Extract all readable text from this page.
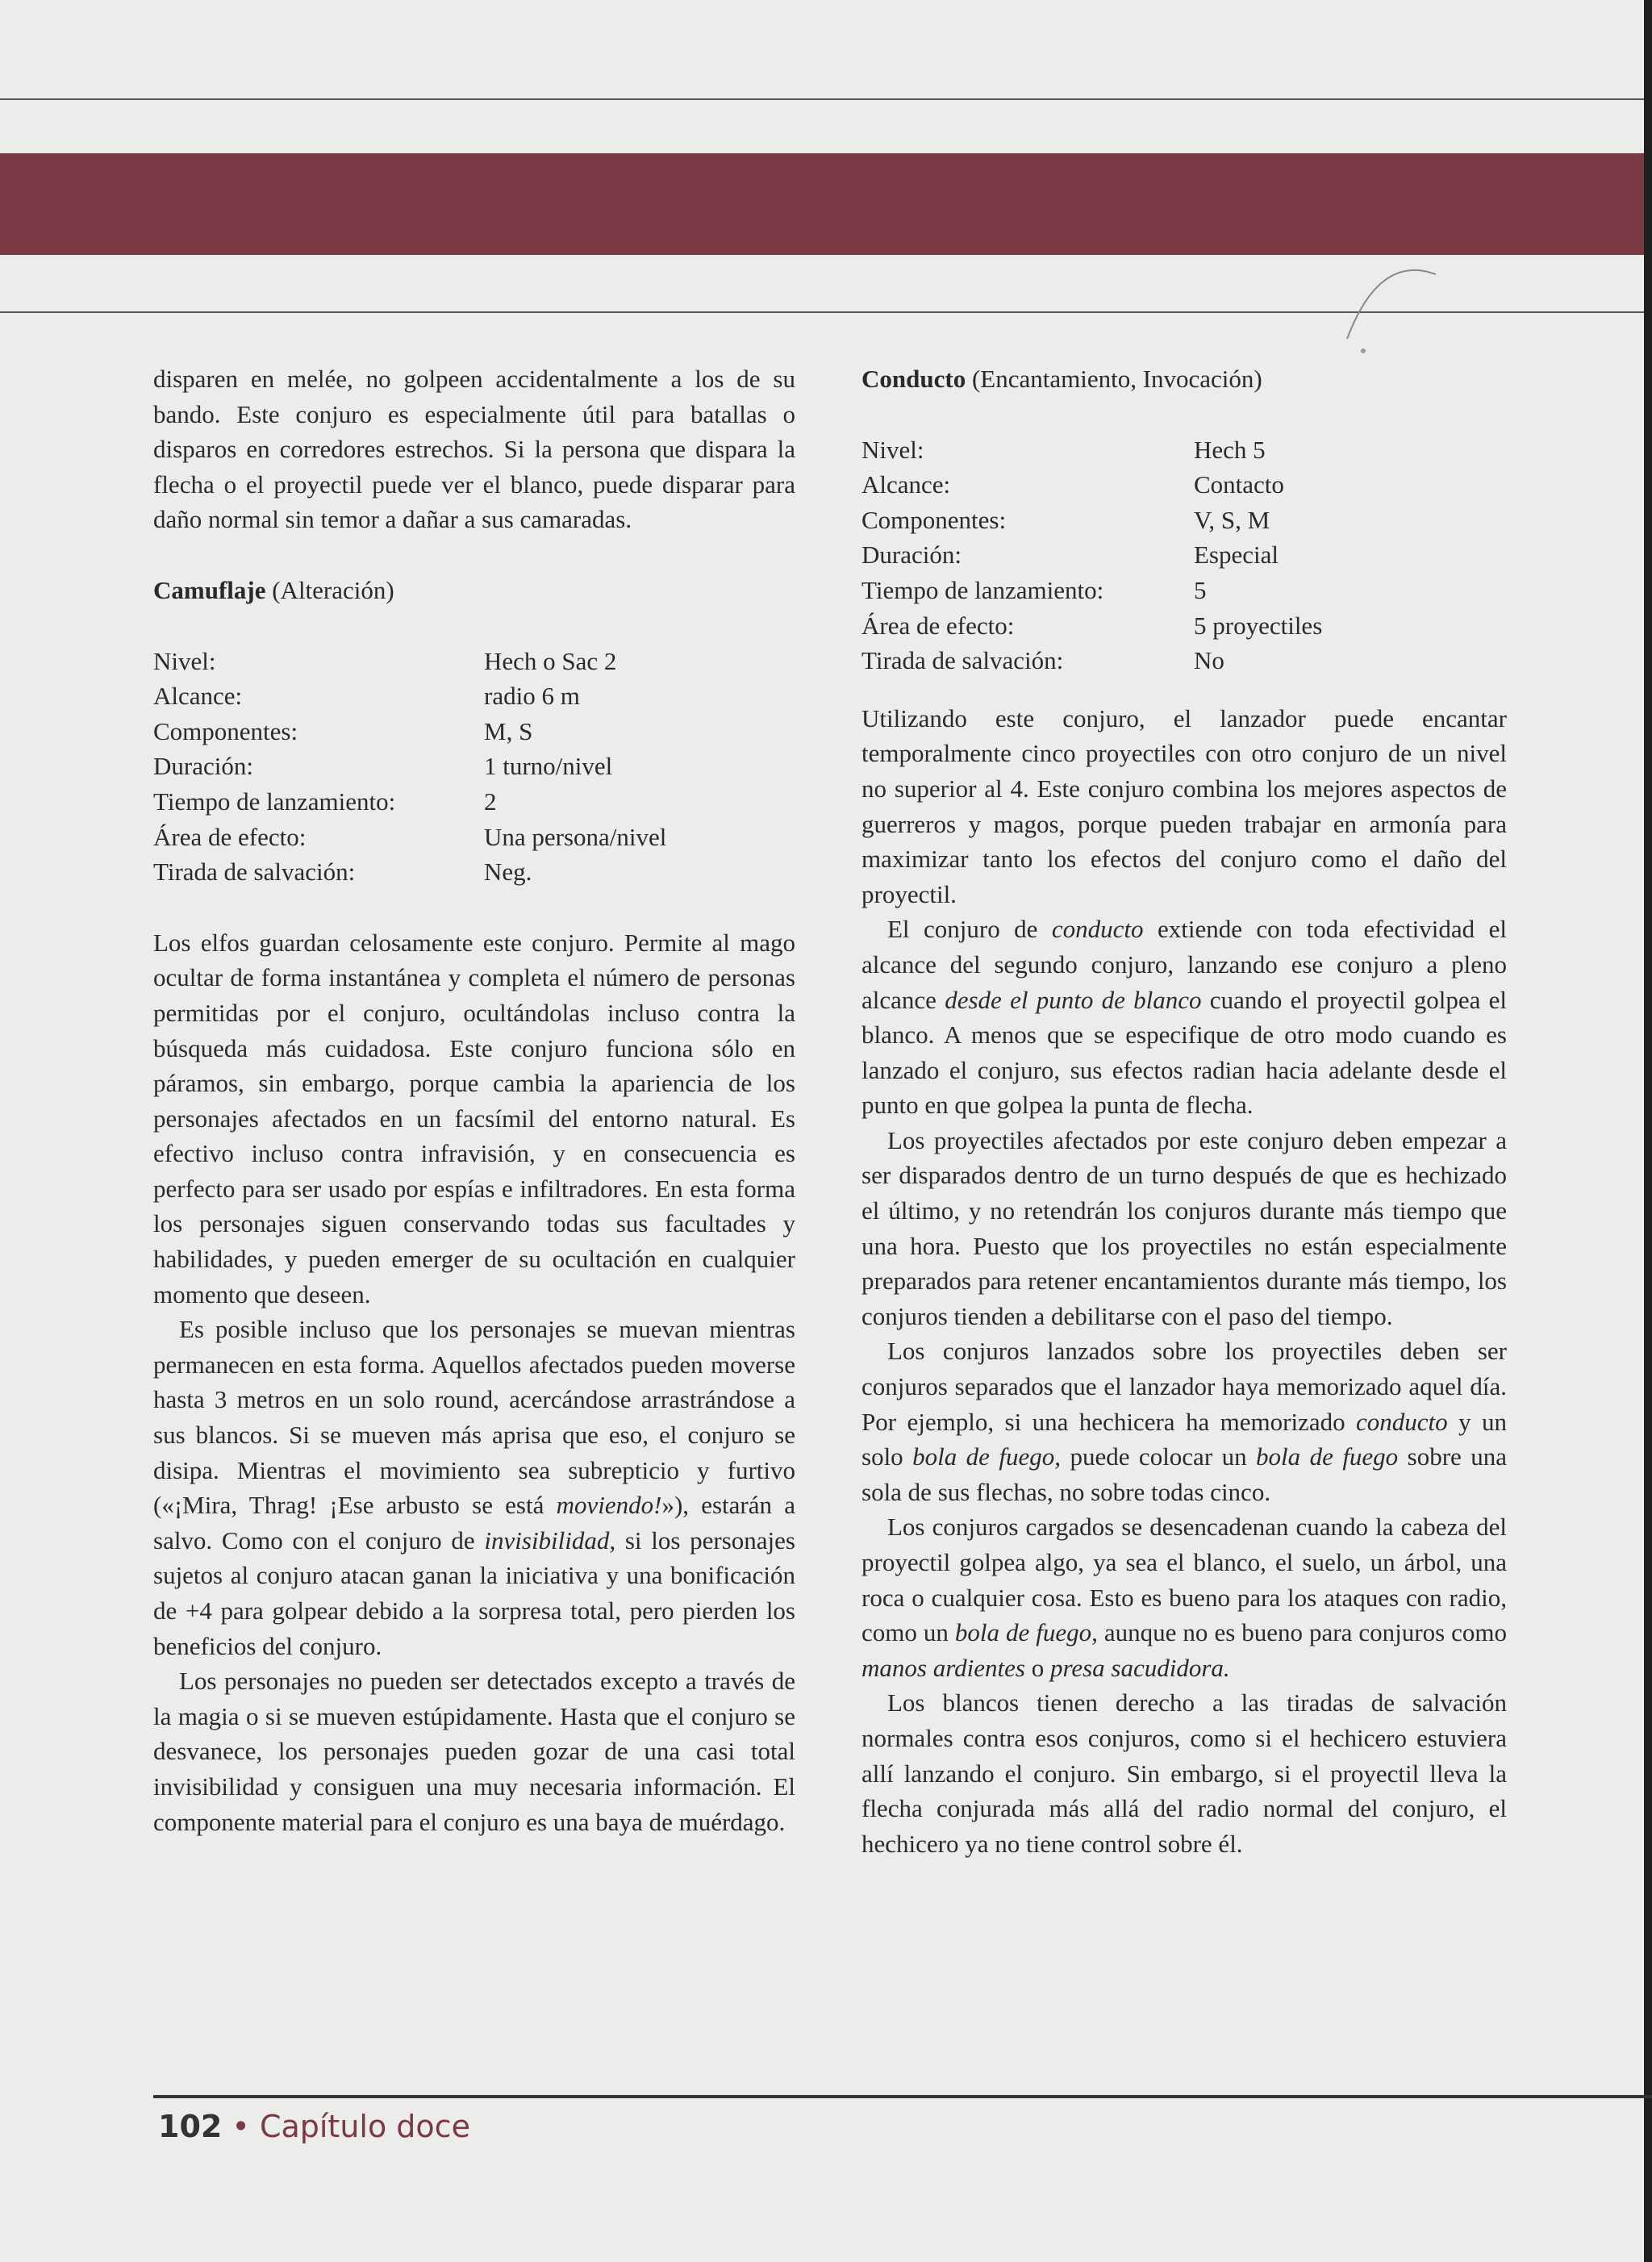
disparen en melée, no golpeen accidentalmente a los de su bando. Este conjuro es especialmente útil para batallas o disparos en corredores estrechos. Si la persona que dispara la flecha o el proyectil puede ver el blanco, puede disparar para daño normal sin temor a dañar a sus camaradas.

Camuflaje (Alteración)
Nivel:	Hech o Sac 2
Alcance:	radio 6 m
Componentes:	M, S
Duración:	1 turno/nivel
Tiempo de lanzamiento:	2
Área de efecto:	Una persona/nivel
Tirada de salvación:	Neg.

Los elfos guardan celosamente este conjuro. Permite al mago ocultar de forma instantánea y completa el número de personas permitidas por el conjuro, ocultándolas incluso contra la búsqueda más cuidadosa. Este conjuro funciona sólo en páramos, sin embargo, porque cambia la apariencia de los personajes afectados en un facsímil del entorno natural. Es efectivo incluso contra infravisión, y en consecuencia es perfecto para ser usado por espías e infiltradores. En esta forma los personajes siguen conservando todas sus facultades y habilidades, y pueden emerger de su ocultación en cualquier momento que deseen.

Es posible incluso que los personajes se muevan mientras permanecen en esta forma. Aquellos afectados pueden moverse hasta 3 metros en un solo round, acercándose arrastrándose a sus blancos. Si se mueven más aprisa que eso, el conjuro se disipa. Mientras el movimiento sea subrepticio y furtivo («¡Mira, Thrag! ¡Ese arbusto se está moviendo!»), estarán a salvo. Como con el conjuro de invisibilidad, si los personajes sujetos al conjuro atacan ganan la iniciativa y una bonificación de +4 para golpear debido a la sorpresa total, pero pierden los beneficios del conjuro.

Los personajes no pueden ser detectados excepto a través de la magia o si se mueven estúpidamente. Hasta que el conjuro se desvanece, los personajes pueden gozar de una casi total invisibilidad y consiguen una muy necesaria información. El componente material para el conjuro es una baya de muérdago.

Conducto (Encantamiento, Invocación)
Nivel:	Hech 5
Alcance:	Contacto
Componentes:	V, S, M
Duración:	Especial
Tiempo de lanzamiento:	5
Área de efecto:	5 proyectiles
Tirada de salvación:	No

Utilizando este conjuro, el lanzador puede encantar temporalmente cinco proyectiles con otro conjuro de un nivel no superior al 4. Este conjuro combina los mejores aspectos de guerreros y magos, porque pueden trabajar en armonía para maximizar tanto los efectos del conjuro como el daño del proyectil.

El conjuro de conducto extiende con toda efectividad el alcance del segundo conjuro, lanzando ese conjuro a pleno alcance desde el punto de blanco cuando el proyectil golpea el blanco. A menos que se especifique de otro modo cuando es lanzado el conjuro, sus efectos radian hacia adelante desde el punto en que golpea la punta de flecha.

Los proyectiles afectados por este conjuro deben empezar a ser disparados dentro de un turno después de que es hechizado el último, y no retendrán los conjuros durante más tiempo que una hora. Puesto que los proyectiles no están especialmente preparados para retener encantamientos durante más tiempo, los conjuros tienden a debilitarse con el paso del tiempo.

Los conjuros lanzados sobre los proyectiles deben ser conjuros separados que el lanzador haya memorizado aquel día. Por ejemplo, si una hechicera ha memorizado conducto y un solo bola de fuego, puede colocar un bola de fuego sobre una sola de sus flechas, no sobre todas cinco.

Los conjuros cargados se desencadenan cuando la cabeza del proyectil golpea algo, ya sea el blanco, el suelo, un árbol, una roca o cualquier cosa. Esto es bueno para los ataques con radio, como un bola de fuego, aunque no es bueno para conjuros como manos ardientes o presa sacudidora.

Los blancos tienen derecho a las tiradas de salvación normales contra esos conjuros, como si el hechicero estuviera allí lanzando el conjuro. Sin embargo, si el proyectil lleva la flecha conjurada más allá del radio normal del conjuro, el hechicero ya no tiene control sobre él.

102 • Capítulo doce
